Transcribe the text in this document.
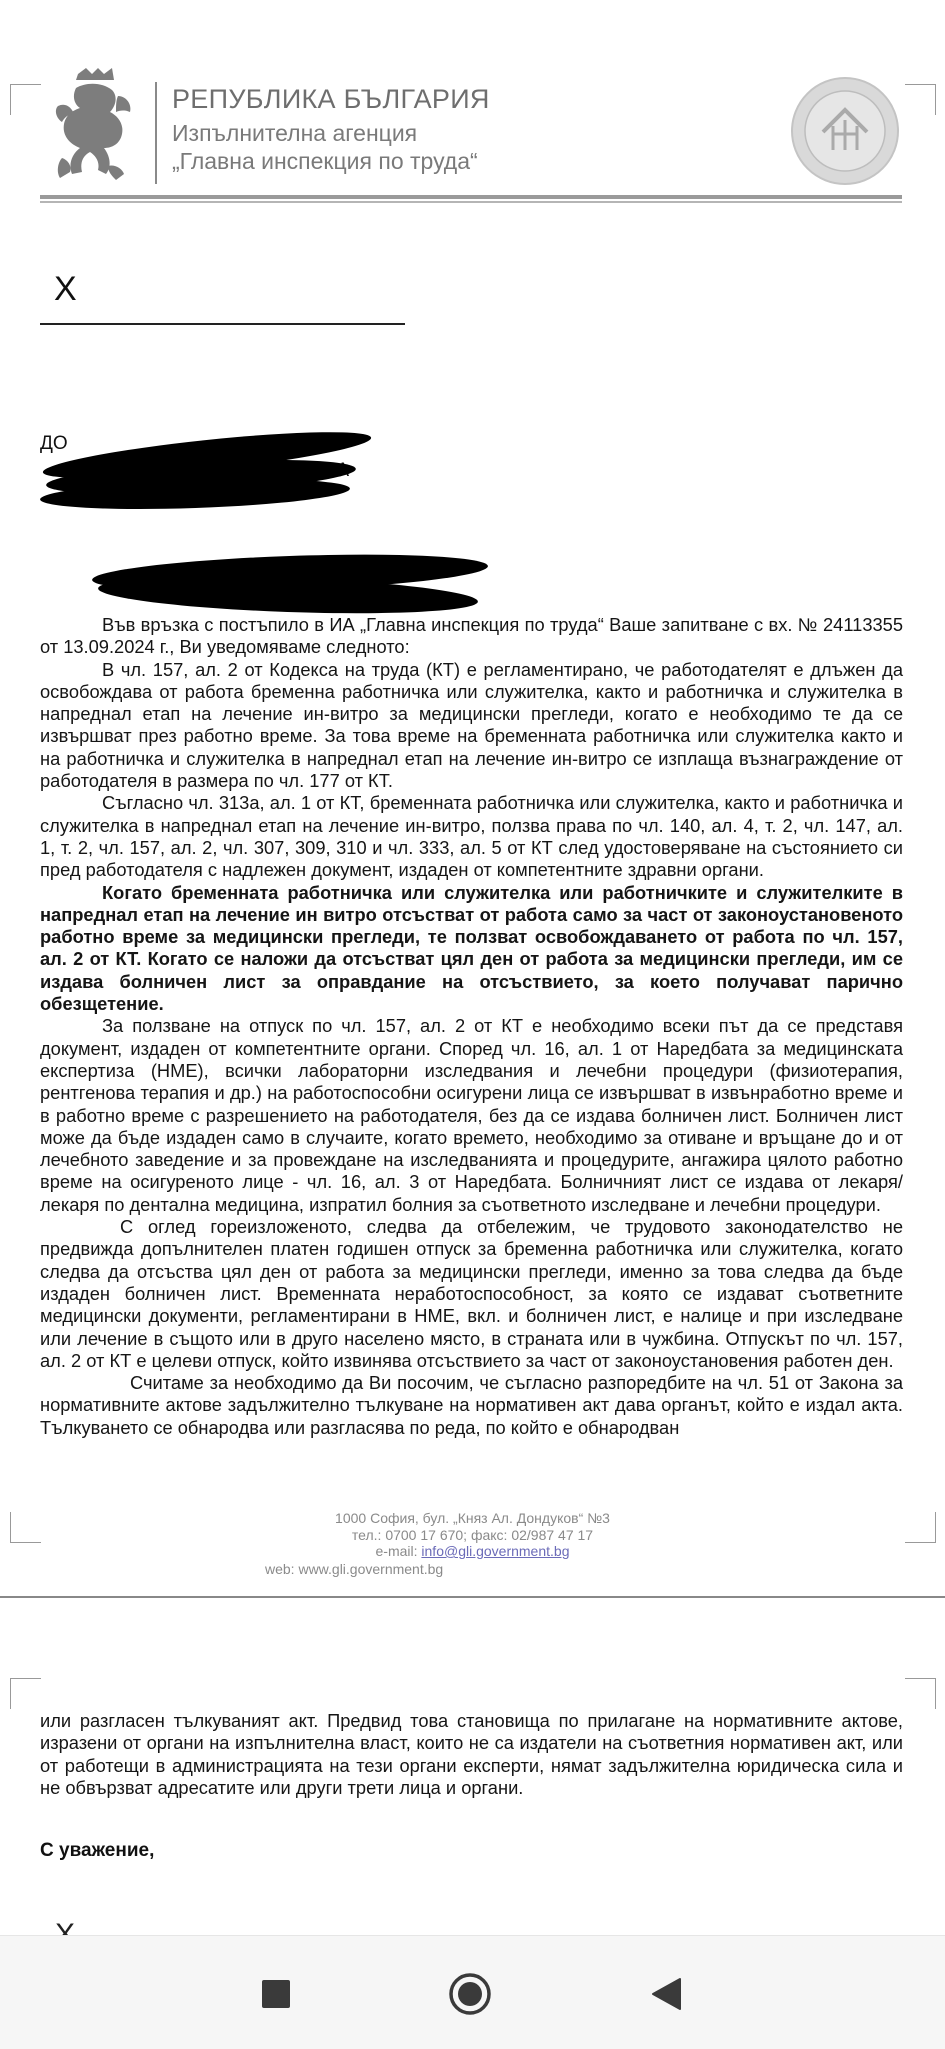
РЕПУБЛИКА БЪЛГАРИЯ
Изпълнителна агенция
„Главна инспекция по труда“
X
ДО

Във връзка с постъпило в ИА „Главна инспекция по труда“ Ваше запитване с вх. № 24113355 от 13.09.2024 г., Ви уведомяваме следното:

В чл. 157, ал. 2 от Кодекса на труда (КТ) е регламентирано, че работодателят е длъжен да освобождава от работа бременна работничка или служителка, както и работничка и служителка в напреднал етап на лечение ин-витро за медицински прегледи, когато е необходимо те да се извършват през работно време. За това време на бременната работничка или служителка както и на работничка и служителка в напреднал етап на лечение ин-витро се изплаща възнаграждение от работодателя в размера по чл. 177 от КТ.

Съгласно чл. 313а, ал. 1 от КТ, бременната работничка или служителка, както и работничка и служителка в напреднал етап на лечение ин-витро, ползва права по чл. 140, ал. 4, т. 2, чл. 147, ал. 1, т. 2, чл. 157, ал. 2, чл. 307, 309, 310 и чл. 333, ал. 5 от КТ след удостоверяване на състоянието си пред работодателя с надлежен документ, издаден от компетентните здравни органи.

Когато бременната работничка или служителка или работничките и служителките в напреднал етап на лечение ин витро отсъстват от работа само за част от законоустановеното работно време за медицински прегледи, те ползват освобождаването от работа по чл. 157, ал. 2 от КТ. Когато се наложи да отсъстват цял ден от работа за медицински прегледи, им се издава болничен лист за оправдание на отсъствието, за което получават парично обезщетение.

За ползване на отпуск по чл. 157, ал. 2 от КТ е необходимо всеки път да се представя документ, издаден от компетентните органи. Според чл. 16, ал. 1 от Наредбата за медицинската експертиза (НМЕ), всички лабораторни изследвания и лечебни процедури (физиотерапия, рентгенова терапия и др.) на работоспособни осигурени лица се извършват в извънработно време и в работно време с разрешението на работодателя, без да се издава болничен лист. Болничен лист може да бъде издаден само в случаите, когато времето, необходимо за отиване и връщане до и от лечебното заведение и за провеждане на изследванията и процедурите, ангажира цялото работно време на осигуреното лице - чл. 16, ал. 3 от Наредбата. Болничният лист се издава от лекаря/лекаря по дентална медицина, изпратил болния за съответното изследване и лечебни процедури.

С оглед гореизложеното, следва да отбележим, че трудовото законодателство не предвижда допълнителен платен годишен отпуск за бременна работничка или служителка, когато следва да отсъства цял ден от работа за медицински прегледи, именно за това следва да бъде издаден болничен лист. Временната неработоспособност, за която се издават съответните медицински документи, регламентирани в НМЕ, вкл. и болничен лист, е налице и при изследване или лечение в същото или в друго населено място, в страната или в чужбина. Отпускът по чл. 157, ал. 2 от КТ е целеви отпуск, който извинява отсъствието за част от законоустановения работен ден.

Считаме за необходимо да Ви посочим, че съгласно разпоредбите на чл. 51 от Закона за нормативните актове задължително тълкуване на нормативен акт дава органът, който е издал акта. Тълкуването се обнародва или разгласява по реда, по който е обнародван

1000 София, бул. „Княз Ал. Дондуков“ №3
тел.: 0700 17 670; факс: 02/987 47 17
e-mail: info@gli.government.bg
web: www.gli.government.bg

или разгласен тълкуваният акт. Предвид това становища по прилагане на нормативните актове, изразени от органи на изпълнителна власт, които не са издатели на съответния нормативен акт, или от работещи в администрацията на тези органи експерти, нямат задължителна юридическа сила и не обвързват адресатите или други трети лица и органи.

С уважение,
